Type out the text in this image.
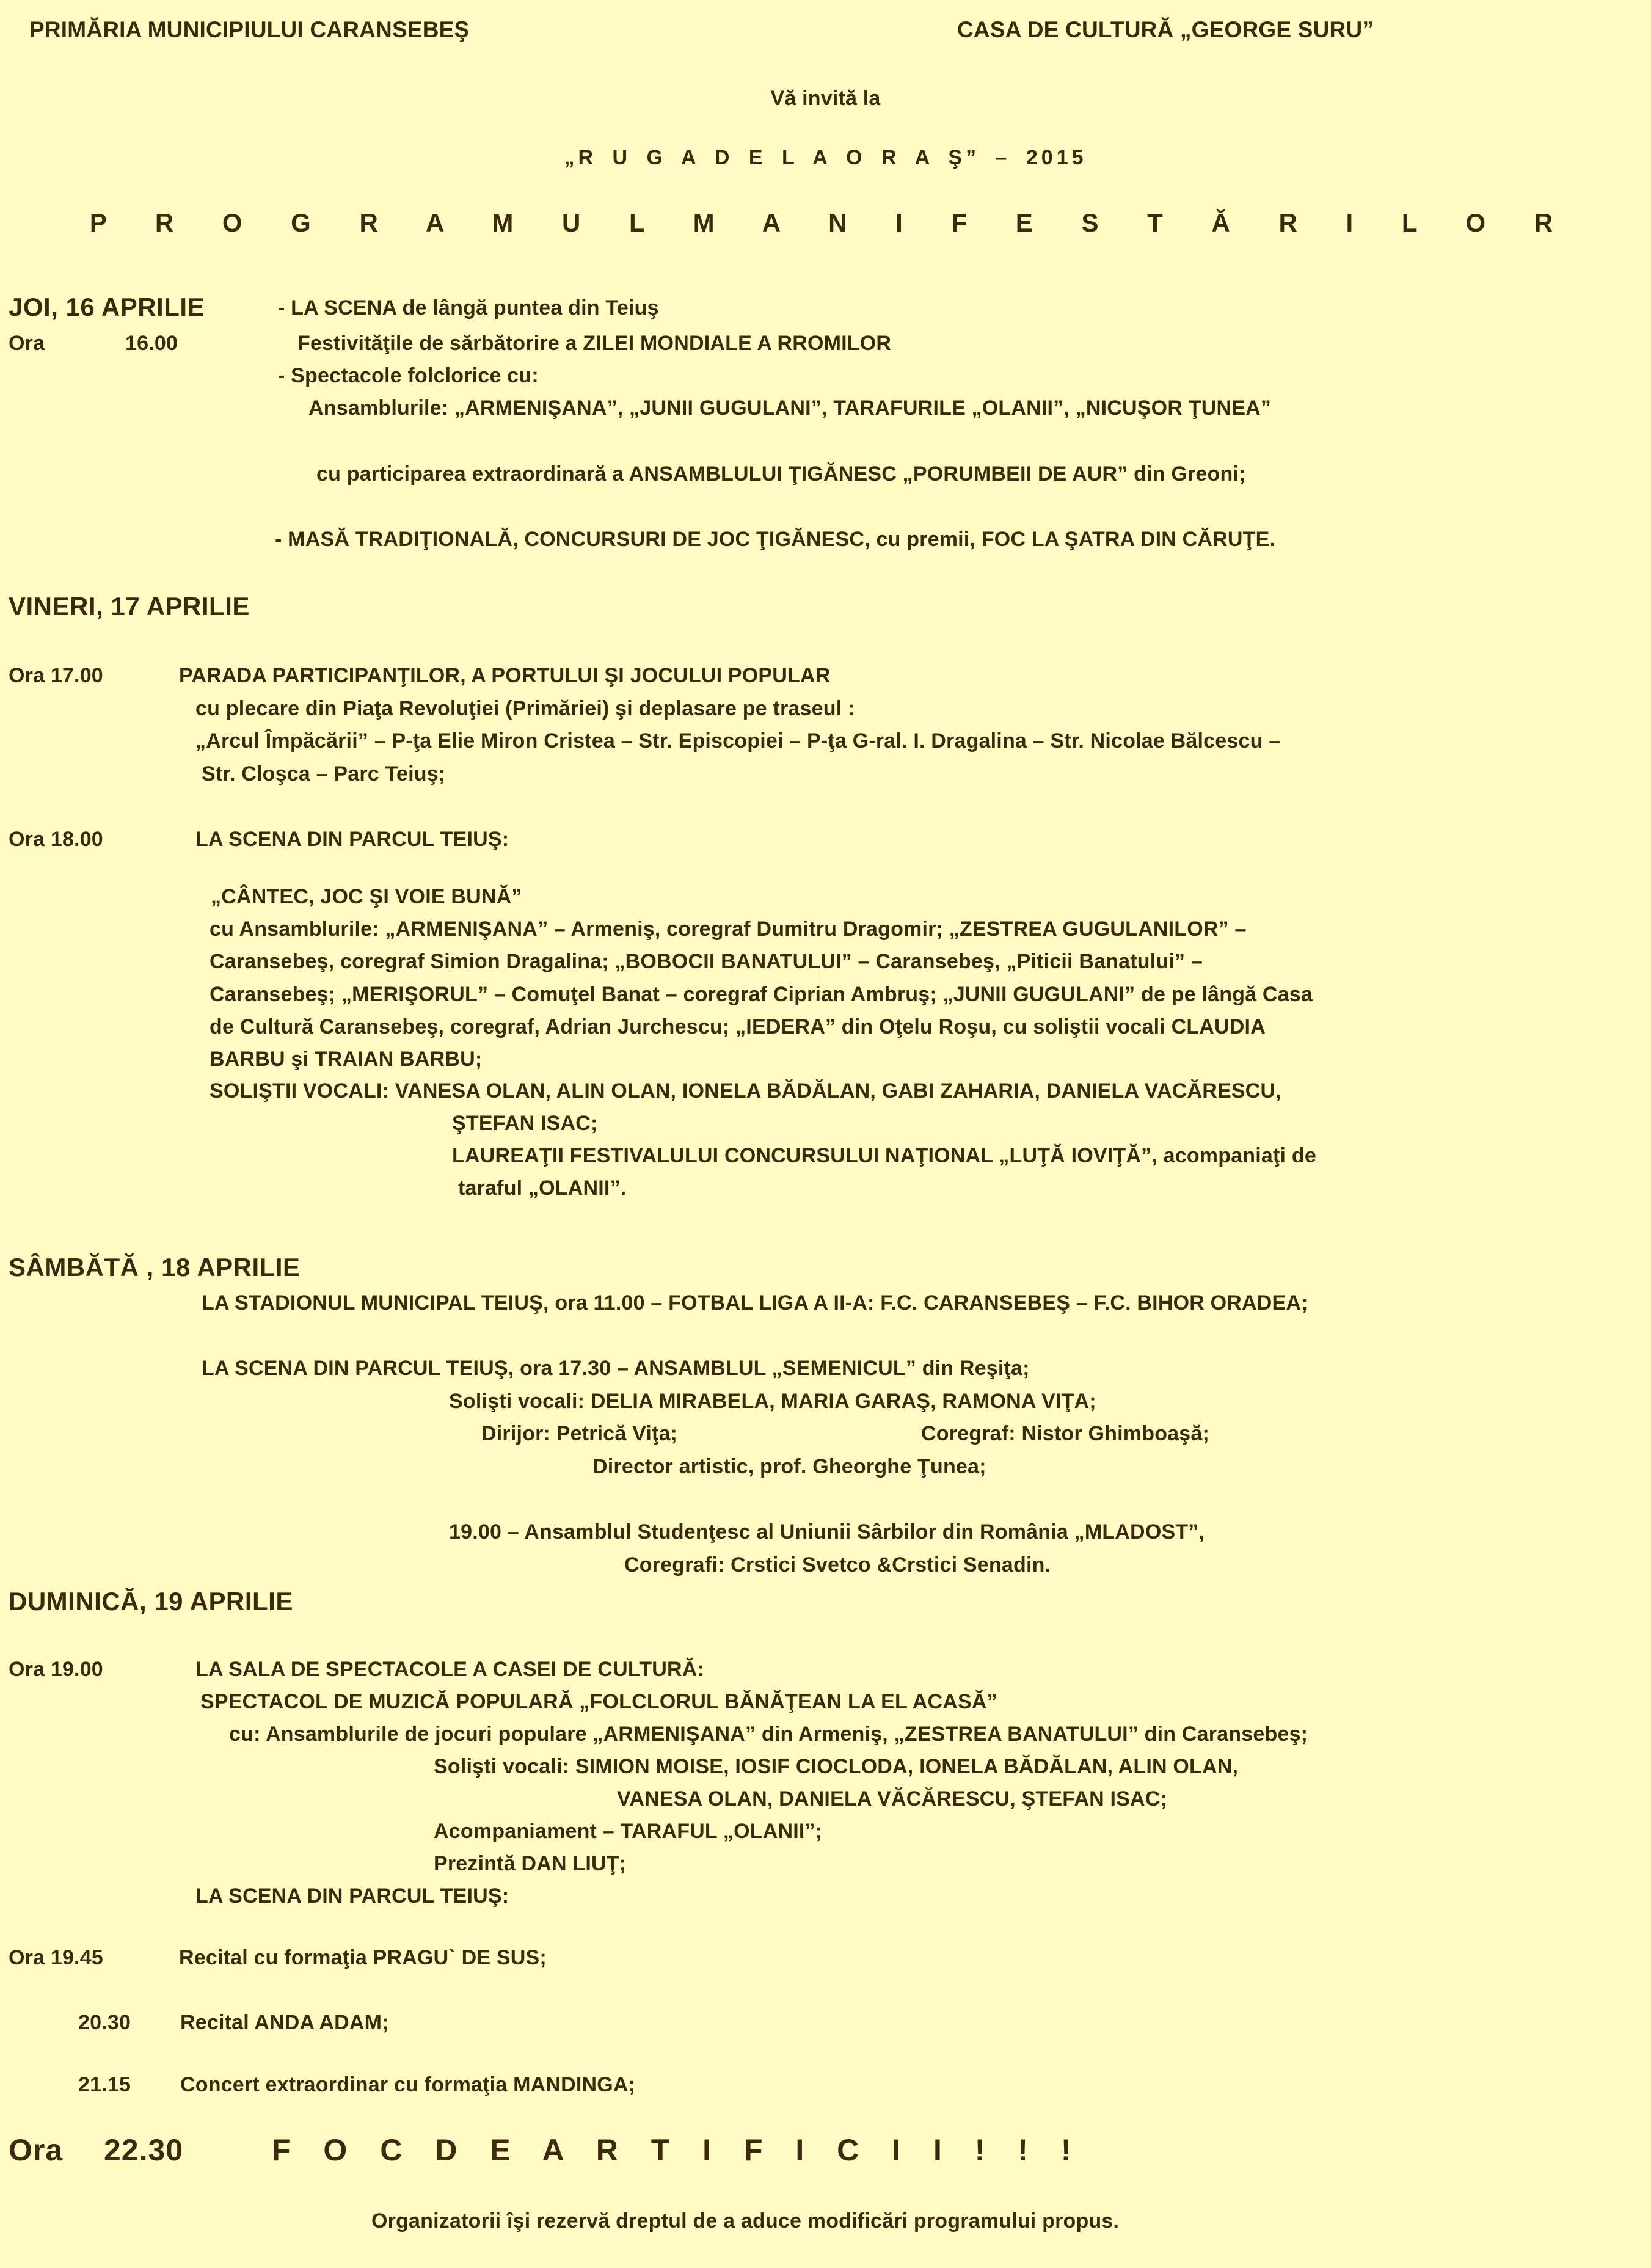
PRIMĂRIA MUNICIPIULUI CARANSEBEŞ	CASA DE CULTURĂ „GEORGE SURU”
Vă invită la
„R U G A D E L A O R A Ş” – 2015
P R O G R A M U L M A N I F E S T Ă R I L O R
JOI, 16 APRILIE	- LA SCENA de lângă puntea din Teiuş
Ora	16.00	Festivităţile de sărbătorire a ZILEI MONDIALE A RROMILOR
- Spectacole folclorice cu:
Ansamblurile: „ARMENIŞANA”, „JUNII GUGULANI”, TARAFURILE „OLANII”, „NICUŞOR ŢUNEA”
cu participarea extraordinară a ANSAMBLULUI ŢIGĂNESC „PORUMBEII DE AUR” din Greoni;
- MASĂ TRADIŢIONALĂ, CONCURSURI DE JOC ŢIGĂNESC, cu premii, FOC LA ŞATRA DIN CĂRUŢE.
VINERI, 17 APRILIE
Ora 17.00	PARADA PARTICIPANŢILOR, A PORTULUI ŞI JOCULUI POPULAR
cu plecare din Piaţa Revoluţiei (Primăriei) şi deplasare pe traseul :
„Arcul Împăcării” – P-ţa Elie Miron Cristea – Str. Episcopiei – P-ţa G-ral. I. Dragalina – Str. Nicolae Bălcescu –
Str. Cloşca – Parc Teiuş;
Ora 18.00	LA SCENA DIN PARCUL TEIUŞ:
„CÂNTEC, JOC ŞI VOIE BUNĂ”
cu Ansamblurile: „ARMENIŞANA” – Armeniş, coregraf Dumitru Dragomir; „ZESTREA GUGULANILOR” –
Caransebeş, coregraf Simion Dragalina; „BOBOCII BANATULUI” – Caransebeş, „Piticii Banatului” –
Caransebeş; „MERIŞORUL” – Comuţel Banat – coregraf Ciprian Ambruş; „JUNII GUGULANI” de pe lângă Casa
de Cultură Caransebeş, coregraf, Adrian Jurchescu; „IEDERA” din Oţelu Roşu, cu soliştii vocali CLAUDIA
BARBU şi TRAIAN BARBU;
SOLIŞTII VOCALI: VANESA OLAN, ALIN OLAN, IONELA BĂDĂLAN, GABI ZAHARIA, DANIELA VACĂRESCU,
ŞTEFAN ISAC;
LAUREAŢII FESTIVALULUI CONCURSULUI NAŢIONAL „LUŢĂ IOVIŢĂ”, acompaniaţi de
taraful „OLANII”.
SÂMBĂTĂ , 18 APRILIE
LA STADIONUL MUNICIPAL TEIUŞ, ora 11.00 – FOTBAL LIGA A II-A: F.C. CARANSEBEŞ – F.C. BIHOR ORADEA;
LA SCENA DIN PARCUL TEIUŞ, ora 17.30 – ANSAMBLUL „SEMENICUL” din Reşiţa;
Solişti vocali: DELIA MIRABELA, MARIA GARAŞ, RAMONA VIŢA;
Dirijor: Petrică Viţa;	Coregraf: Nistor Ghimboaşă;
Director artistic, prof. Gheorghe Ţunea;
19.00 – Ansamblul Studenţesc al Uniunii Sârbilor din România „MLADOST”,
Coregrafi: Crstici Svetco &Crstici Senadin.
DUMINICĂ, 19 APRILIE
Ora 19.00	LA SALA DE SPECTACOLE A CASEI DE CULTURĂ:
SPECTACOL DE MUZICĂ POPULARĂ „FOLCLORUL BĂNĂŢEAN LA EL ACASĂ”
cu: Ansamblurile de jocuri populare „ARMENIŞANA” din Armeniş, „ZESTREA BANATULUI” din Caransebeş;
Solişti vocali: SIMION MOISE, IOSIF CIOCLODA, IONELA BĂDĂLAN, ALIN OLAN,
VANESA OLAN, DANIELA VĂCĂRESCU, ŞTEFAN ISAC;
Acompaniament – TARAFUL „OLANII”;
Prezintă DAN LIUŢ;
LA SCENA DIN PARCUL TEIUŞ:
Ora 19.45	Recital cu formaţia PRAGU` DE SUS;
20.30 Recital ANDA ADAM;
21.15 Concert extraordinar cu formaţia MANDINGA;
Ora 22.30	F O C D E A R T I F I C I I ! ! !
Organizatorii îşi rezervă dreptul de a aduce modificări programului propus.
